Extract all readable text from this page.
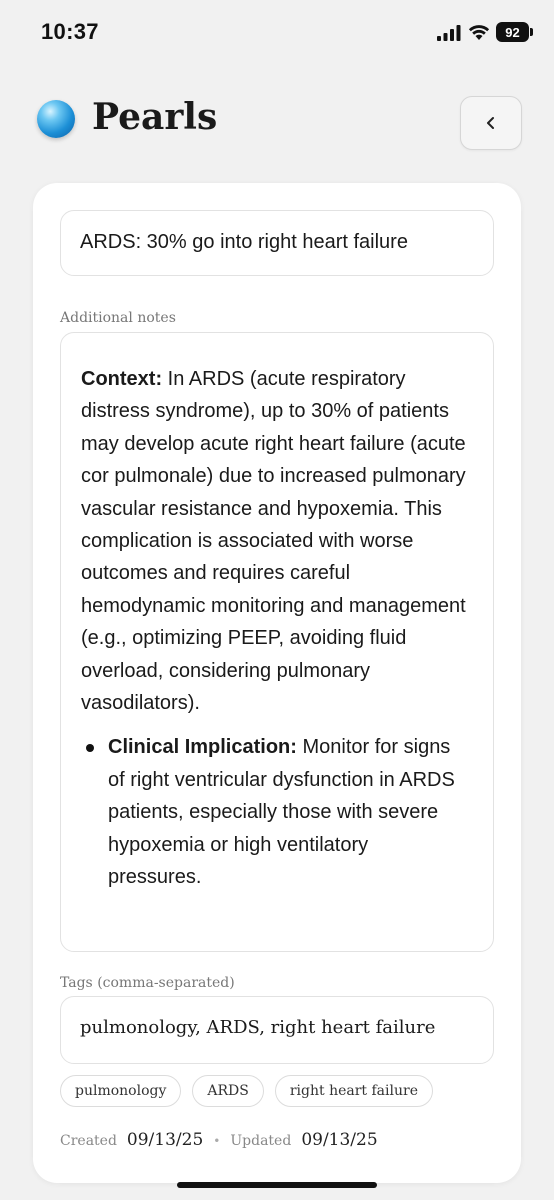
10:37	92
Pearls
ARDS: 30% go into right heart failure
Additional notes

Context: In ARDS (acute respiratory distress syndrome), up to 30% of patients may develop acute right heart failure (acute cor pulmonale) due to increased pulmonary vascular resistance and hypoxemia. This complication is associated with worse outcomes and requires careful hemodynamic monitoring and management (e.g., optimizing PEEP, avoiding fluid overload, considering pulmonary vasodilators).

Clinical Implication: Monitor for signs of right ventricular dysfunction in ARDS patients, especially those with severe hypoxemia or high ventilatory pressures.
Tags (comma-separated)
pulmonology, ARDS, right heart failure
pulmonology	ARDS	right heart failure
Created 09/13/25 • Updated 09/13/25
